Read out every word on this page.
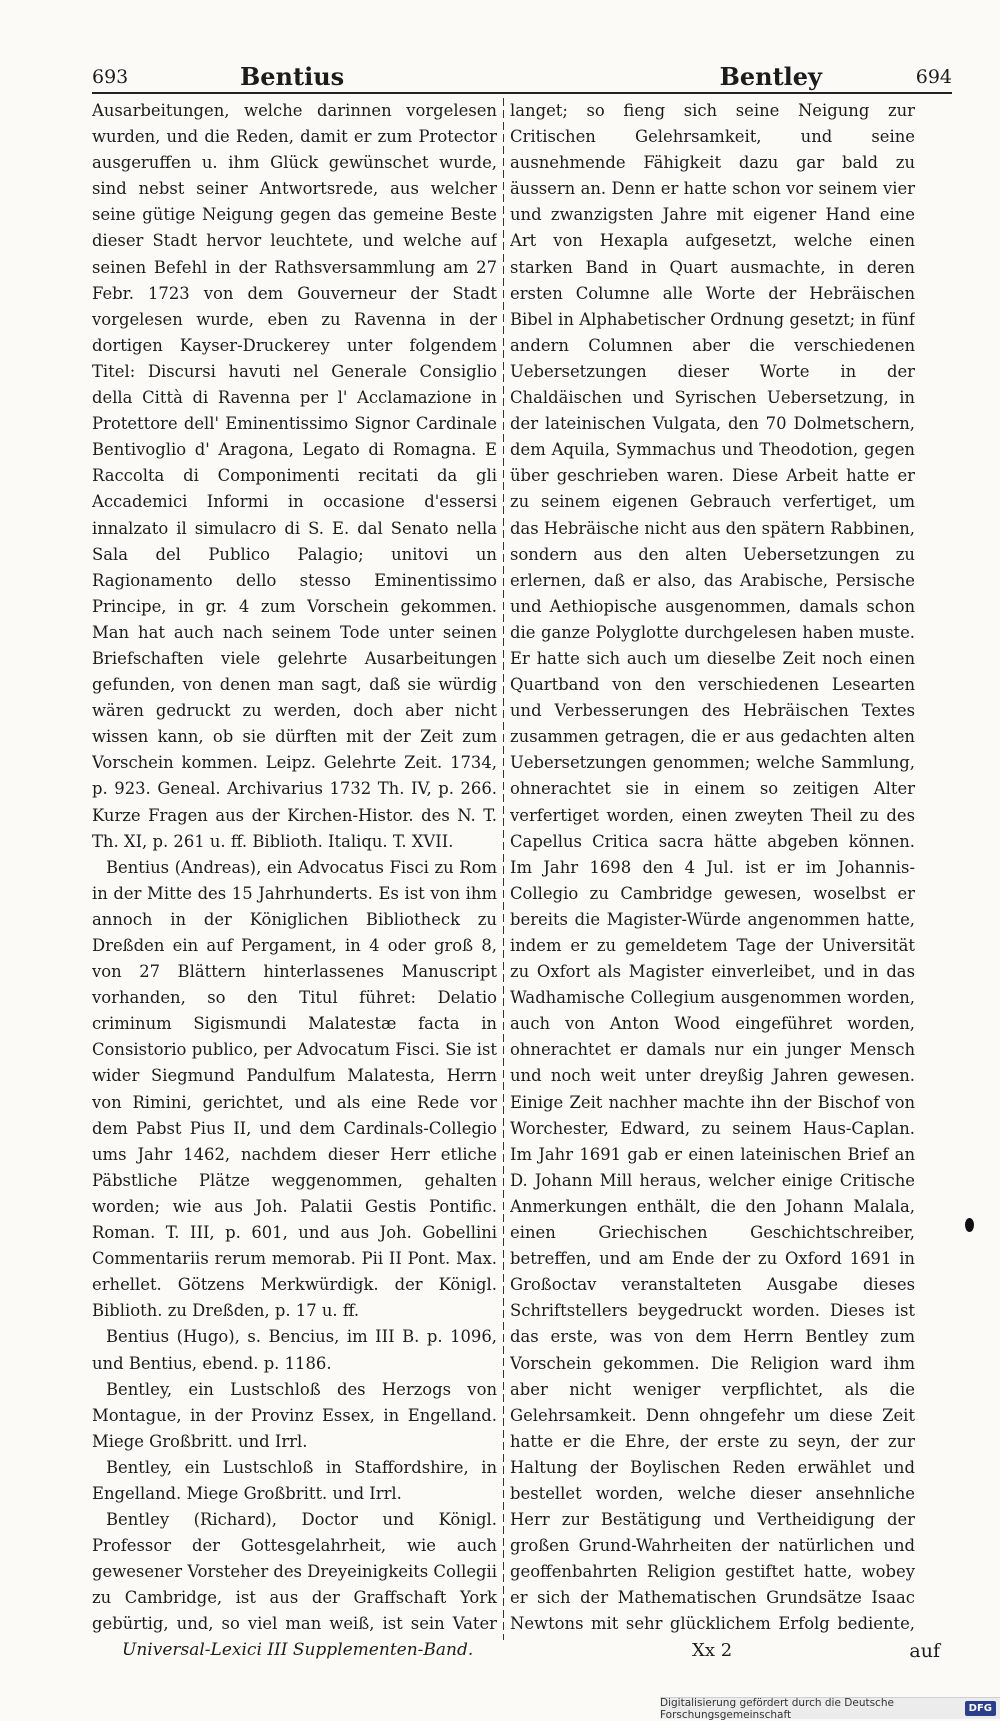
693	Bentius	Bentley	694

Ausarbeitungen, welche darinnen vorgelesen wurden, und die Reden, damit er zum Protector ausgeruffen u. ihm Glück gewünschet wurde, sind nebst seiner Antwortsrede, aus welcher seine gütige Neigung gegen das gemeine Beste dieser Stadt hervor leuchtete, und welche auf seinen Befehl in der Rathsversammlung am 27 Febr. 1723 von dem Gouverneur der Stadt vorgelesen wurde, eben zu Ravenna in der dortigen Kayser-Druckerey unter folgendem Titel: Discursi havuti nel Generale Consiglio della Città di Ravenna per l' Acclamazione in Protettore dell' Eminentissimo Signor Cardinale Bentivoglio d' Aragona, Legato di Romagna. E Raccolta di Componimenti recitati da gli Accademici Informi in occasione d'essersi innalzato il simulacro di S. E. dal Senato nella Sala del Publico Palagio; unitovi un Ragionamento dello stesso Eminentissimo Principe, in gr. 4 zum Vorschein gekommen. Man hat auch nach seinem Tode unter seinen Briefschaften viele gelehrte Ausarbeitungen gefunden, von denen man sagt, daß sie würdig wären gedruckt zu werden, doch aber nicht wissen kann, ob sie dürften mit der Zeit zum Vorschein kommen. Leipz. Gelehrte Zeit. 1734, p. 923. Geneal. Archivarius 1732 Th. IV, p. 266. Kurze Fragen aus der Kirchen-Histor. des N. T. Th. XI, p. 261 u. ff. Biblioth. Italiqu. T. XVII.

Bentius (Andreas), ein Advocatus Fisci zu Rom in der Mitte des 15 Jahrhunderts. Es ist von ihm annoch in der Königlichen Bibliotheck zu Dreßden ein auf Pergament, in 4 oder groß 8, von 27 Blättern hinterlassenes Manuscript vorhanden, so den Titul führet: Delatio criminum Sigismundi Malatestæ facta in Consistorio publico, per Advocatum Fisci. Sie ist wider Siegmund Pandulfum Malatesta, Herrn von Rimini, gerichtet, und als eine Rede vor dem Pabst Pius II, und dem Cardinals-Collegio ums Jahr 1462, nachdem dieser Herr etliche Päbstliche Plätze weggenommen, gehalten worden; wie aus Joh. Palatii Gestis Pontific. Roman. T. III, p. 601, und aus Joh. Gobellini Commentariis rerum memorab. Pii II Pont. Max. erhellet. Götzens Merkwürdigk. der Königl. Biblioth. zu Dreßden, p. 17 u. ff.

Bentius (Hugo), s. Bencius, im III B. p. 1096, und Bentius, ebend. p. 1186.

Bentley, ein Lustschloß des Herzogs von Montague, in der Provinz Essex, in Engelland. Miege Großbritt. und Irrl.

Bentley, ein Lustschloß in Staffordshire, in Engelland. Miege Großbritt. und Irrl.

Bentley (Richard), Doctor und Königl. Professor der Gottesgelahrheit, wie auch gewesener Vorsteher des Dreyeinigkeits Collegii zu Cambridge, ist aus der Graffschaft York gebürtig, und, so viel man weiß, ist sein Vater

langet; so fieng sich seine Neigung zur Critischen Gelehrsamkeit, und seine ausnehmende Fähigkeit dazu gar bald zu äussern an. Denn er hatte schon vor seinem vier und zwanzigsten Jahre mit eigener Hand eine Art von Hexapla aufgesetzt, welche einen starken Band in Quart ausmachte, in deren ersten Columne alle Worte der Hebräischen Bibel in Alphabetischer Ordnung gesetzt; in fünf andern Columnen aber die verschiedenen Uebersetzungen dieser Worte in der Chaldäischen und Syrischen Uebersetzung, in der lateinischen Vulgata, den 70 Dolmetschern, dem Aquila, Symmachus und Theodotion, gegen über geschrieben waren. Diese Arbeit hatte er zu seinem eigenen Gebrauch verfertiget, um das Hebräische nicht aus den spätern Rabbinen, sondern aus den alten Uebersetzungen zu erlernen, daß er also, das Arabische, Persische und Aethiopische ausgenommen, damals schon die ganze Polyglotte durchgelesen haben muste. Er hatte sich auch um dieselbe Zeit noch einen Quartband von den verschiedenen Lesearten und Verbesserungen des Hebräischen Textes zusammen getragen, die er aus gedachten alten Uebersetzungen genommen; welche Sammlung, ohnerachtet sie in einem so zeitigen Alter verfertiget worden, einen zweyten Theil zu des Capellus Critica sacra hätte abgeben können. Im Jahr 1698 den 4 Jul. ist er im Johannis-Collegio zu Cambridge gewesen, woselbst er bereits die Magister-Würde angenommen hatte, indem er zu gemeldetem Tage der Universität zu Oxfort als Magister einverleibet, und in das Wadhamische Collegium ausgenommen worden, auch von Anton Wood eingeführet worden, ohnerachtet er damals nur ein junger Mensch und noch weit unter dreyßig Jahren gewesen. Einige Zeit nachher machte ihn der Bischof von Worchester, Edward, zu seinem Haus-Caplan. Im Jahr 1691 gab er einen lateinischen Brief an D. Johann Mill heraus, welcher einige Critische Anmerkungen enthält, die den Johann Malala, einen Griechischen Geschichtschreiber, betreffen, und am Ende der zu Oxford 1691 in Großoctav veranstalteten Ausgabe dieses Schriftstellers beygedruckt worden. Dieses ist das erste, was von dem Herrn Bentley zum Vorschein gekommen. Die Religion ward ihm aber nicht weniger verpflichtet, als die Gelehrsamkeit. Denn ohngefehr um diese Zeit hatte er die Ehre, der erste zu seyn, der zur Haltung der Boylischen Reden erwählet und bestellet worden, welche dieser ansehnliche Herr zur Bestätigung und Vertheidigung der großen Grund-Wahrheiten der natürlichen und geoffenbahrten Religion gestiftet hatte, wobey er sich der Mathematischen Grundsätze Isaac Newtons mit sehr glücklichem Erfolg bediente,

Universal-Lexici III Supplementen-Band.	Xx 2	auf
Digitalisierung gefördert durch die Deutsche Forschungsgemeinschaft	DFG
